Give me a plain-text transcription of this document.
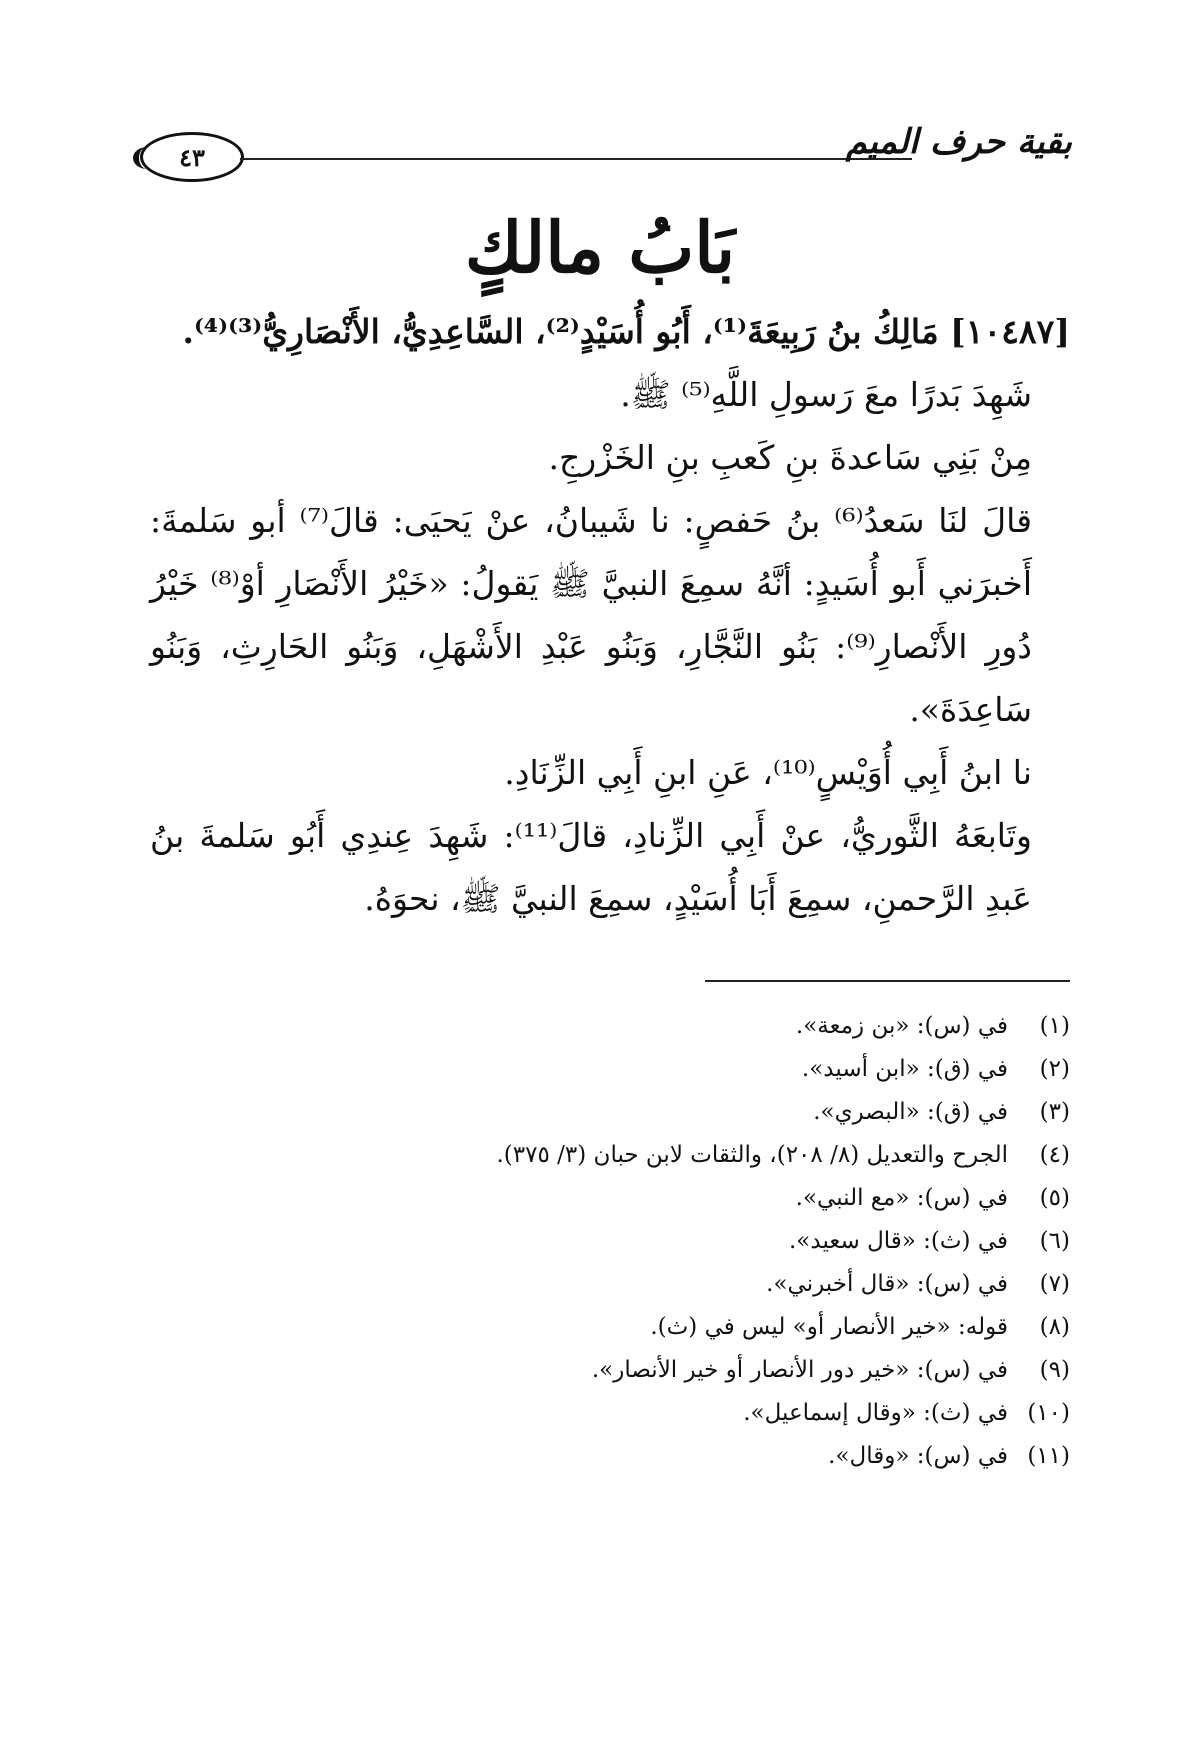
٤٣	بقية حرف الميم
بَابُ مالكٍ

[١٠٤٨٧] مَالِكُ بنُ رَبِيعَةَ⁽¹⁾، أَبُو أُسَيْدٍ⁽²⁾، السَّاعِدِيُّ، الأَنْصَارِيُّ⁽³⁾⁽⁴⁾.

شَهِدَ بَدرًا معَ رَسولِ اللَّهِ⁽⁵⁾ ﷺ.

مِنْ بَنِي سَاعدةَ بنِ كَعبِ بنِ الخَزْرجِ.

قالَ لنَا سَعدُ⁽⁶⁾ بنُ حَفصٍ: نا شَيبانُ، عنْ يَحيَى: قالَ⁽⁷⁾ أبو سَلمةَ: أَخبرَني أَبو أُسَيدٍ: أنَّهُ سمِعَ النبيَّ ﷺ يَقولُ: «خَيْرُ الأَنْصَارِ أوْ⁽⁸⁾ خَيْرُ دُورِ الأَنْصارِ⁽⁹⁾: بَنُو النَّجَّارِ، وَبَنُو عَبْدِ الأَشْهَلِ، وَبَنُو الحَارِثِ، وَبَنُو سَاعِدَةَ».

نا ابنُ أَبِي أُوَيْسٍ⁽¹⁰⁾، عَنِ ابنِ أَبِي الزِّنَادِ.

وتَابعَهُ الثَّوريُّ، عنْ أَبِي الزِّنادِ، قالَ⁽¹¹⁾: شَهِدَ عِندِي أَبُو سَلمةَ بنُ عَبدِ الرَّحمنِ، سمِعَ أَبَا أُسَيْدٍ، سمِعَ النبيَّ ﷺ، نحوَهُ.

(١)
في (س): «بن زمعة».
(٢)
في (ق): «ابن أسيد».
(٣)
في (ق): «البصري».
(٤)
الجرح والتعديل (٨/ ٢٠٨)، والثقات لابن حبان (٣/ ٣٧٥).
(٥)
في (س): «مع النبي».
(٦)
في (ث): «قال سعيد».
(٧)
في (س): «قال أخبرني».
(٨)
قوله: «خير الأنصار أو» ليس في (ث).
(٩)
في (س): «خير دور الأنصار أو خير الأنصار».
(١٠)
في (ث): «وقال إسماعيل».
(١١)
في (س): «وقال».
